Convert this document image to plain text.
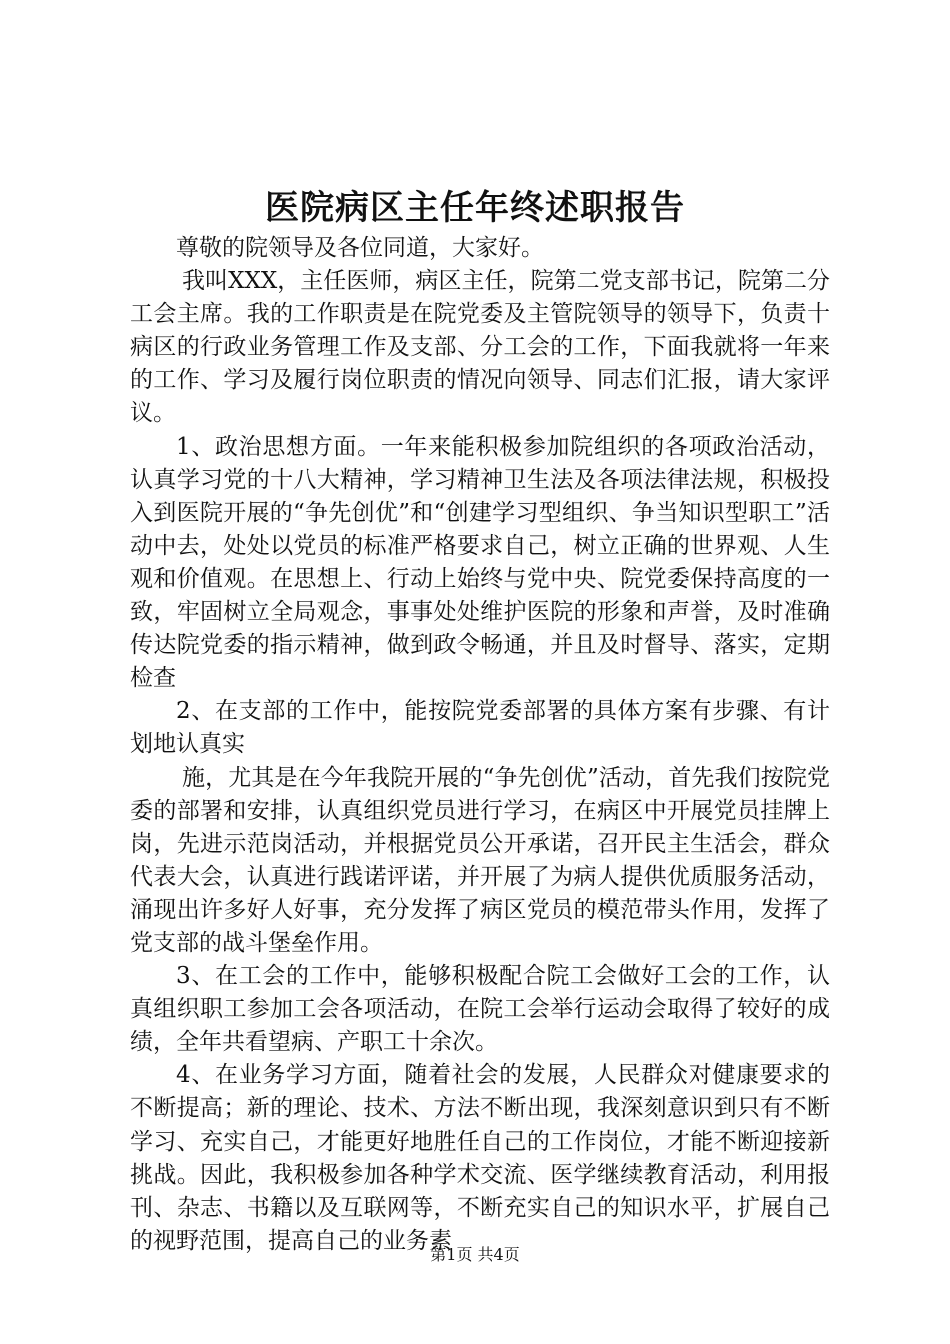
医院病区主任年终述职报告

尊敬的院领导及各位同道，大家好。

我叫XXX，主任医师，病区主任，院第二党支部书记，院第二分工会主席。我的工作职责是在院党委及主管院领导的领导下，负责十病区的行政业务管理工作及支部、分工会的工作，下面我就将一年来的工作、学习及履行岗位职责的情况向领导、同志们汇报，请大家评议。

1、政治思想方面。一年来能积极参加院组织的各项政治活动，认真学习党的十八大精神，学习精神卫生法及各项法律法规，积极投入到医院开展的“争先创优”和“创建学习型组织、争当知识型职工”活动中去，处处以党员的标准严格要求自己，树立正确的世界观、人生观和价值观。在思想上、行动上始终与党中央、院党委保持高度的一致，牢固树立全局观念，事事处处维护医院的形象和声誉，及时准确传达院党委的指示精神，做到政令畅通，并且及时督导、落实，定期检查

2、在支部的工作中，能按院党委部署的具体方案有步骤、有计划地认真实

施，尤其是在今年我院开展的“争先创优”活动，首先我们按院党委的部署和安排，认真组织党员进行学习，在病区中开展党员挂牌上岗，先进示范岗活动，并根据党员公开承诺，召开民主生活会，群众代表大会，认真进行践诺评诺，并开展了为病人提供优质服务活动，涌现出许多好人好事，充分发挥了病区党员的模范带头作用，发挥了党支部的战斗堡垒作用。

3、在工会的工作中，能够积极配合院工会做好工会的工作，认真组织职工参加工会各项活动，在院工会举行运动会取得了较好的成绩，全年共看望病、产职工十余次。

4、在业务学习方面，随着社会的发展，人民群众对健康要求的不断提高；新的理论、技术、方法不断出现，我深刻意识到只有不断学习、充实自己，才能更好地胜任自己的工作岗位，才能不断迎接新挑战。因此，我积极参加各种学术交流、医学继续教育活动，利用报刊、杂志、书籍以及互联网等，不断充实自己的知识水平，扩展自己的视野范围，提高自己的业务素

第1页 共4页
